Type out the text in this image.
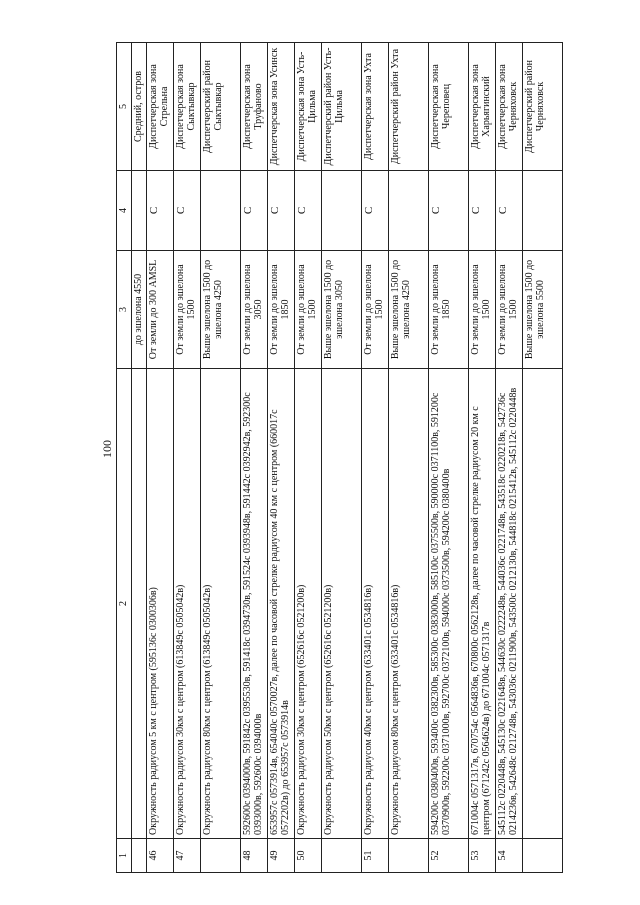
100
1	2	3	4	5
		до эшелона 4550		Средний, остров
46	Окружность радиусом 5 км с центром (595136с 0300306в)	От земли до 300 AMSL	С	Диспетчерская зона Стрельна
47	Окружность радиусом 30км с центром (613849с 0505042в)	От земли до эшелона 1500	С	Диспетчерская зона Сыктывкар
	Окружность радиусом 80км с центром (613849с 0505042в)	Выше эшелона 1500 до эшелона 4250		Диспетчерский район Сыктывкар
48	592600с 0394000в, 591842с 0395530в, 591418с 0394730в, 591524с 0393948в, 591442с 0392942в, 592300с 0393000в, 592600с 0394000в	От земли до эшелона 3050	С	Диспетчерская зона Труфаново
49	653957с 0573914в, 654040с 0570027в, далее по часовой стрелке радиусом 40 км с центром (660017с 0572202в) до 653957с 0573914в	От земли до эшелона 1850	С	Диспетчерская зона Усинск
50	Окружность радиусом 30км с центром (652616с 0521200в)	От земли до эшелона 1500	С	Диспетчерская зона Усть-Цильма
	Окружность радиусом 50км с центром (652616с 0521200в)	Выше эшелона 1500 до эшелона 3050		Диспетчерский район Усть-Цильма
51	Окружность радиусом 40км с центром (633401с 0534816в)	От земли до эшелона 1500	С	Диспетчерская зона Ухта
	Окружность радиусом 80км с центром (633401с 0534816в)	Выше эшелона 1500 до эшелона 4250		Диспетчерский район Ухта
52	594200с 0380400в, 593400с 0382300в, 585300с 0383000в, 585100с 0375500в, 590000с 0371100в, 591200с 0370900в, 592200с 0371000в, 592700с 0372100в, 594000с 0373500в, 594200с 0380400в	От земли до эшелона 1850	С	Диспетчерская зона Череповец
53	671004с 0571317в, 670754с 0564836в, 670800с 0562128в, далее по часовой стрелке радиусом 20 км с центром (671242с 0564624в) до 671004с 0571317в	От земли до эшелона 1500	С	Диспетчерская зона Харьягинский
54	545112с 0220448в, 545130с 0221648в, 544630с 0222248в, 544036с 0221748в, 543518с 0220218в, 542736с 0214236в, 542648с 0212748в, 543036с 0211900в, 543500с 0212130в, 544818с 0215412в, 545112с 0220448в	От земли до эшелона 1500	С	Диспетчерская зона Черняховск
		Выше эшелона 1500 до эшелона 5500		Диспетчерский район Черняховск
